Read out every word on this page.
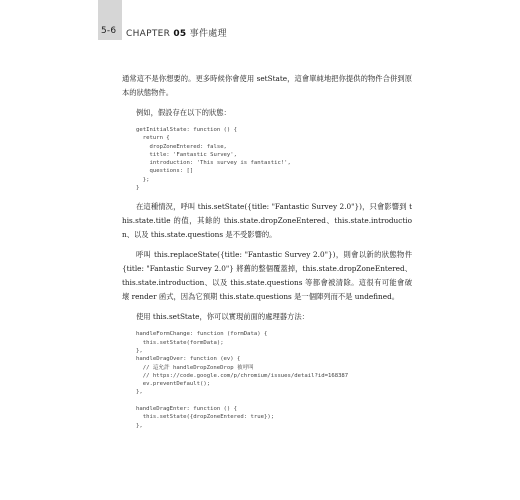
5-6 CHAPTER 05 事件處理

通常這不是你想要的。更多時候你會使用 setState，這會單純地把你提供的物件合併到原本的狀態物件。

例如，假設存在以下的狀態：

getInitialState: function () {
return {
dropZoneEntered: false,
title: 'Fantastic Survey',
introduction: 'This survey is fantastic!',
questions: []
};
}

在這種情況，呼叫 this.setState({title: "Fantastic Survey 2.0"})，只會影響到 this.state.title 的值，其餘的 this.state.dropZoneEntered、this.state.introduction、以及 this.state.questions 是不受影響的。

呼叫 this.replaceState({title: "Fantastic Survey 2.0"})，則會以新的狀態物件 {title: "Fantastic Survey 2.0"} 將舊的整個覆蓋掉，this.state.dropZoneEntered、this.state.introduction、以及 this.state.questions 等都會被清除。這很有可能會破壞 render 函式，因為它預期 this.state.questions 是一個陣列而不是 undefined。

使用 this.setState，你可以實現前面的處理器方法：

handleFormChange: function (formData) {
this.setState(formData);
},
handleDragOver: function (ev) {
// 這允許 handleDropZoneDrop 被呼叫
// https://code.google.com/p/chromium/issues/detail?id=168387
ev.preventDefault();
},

handleDragEnter: function () {
this.setState({dropZoneEntered: true});
},
